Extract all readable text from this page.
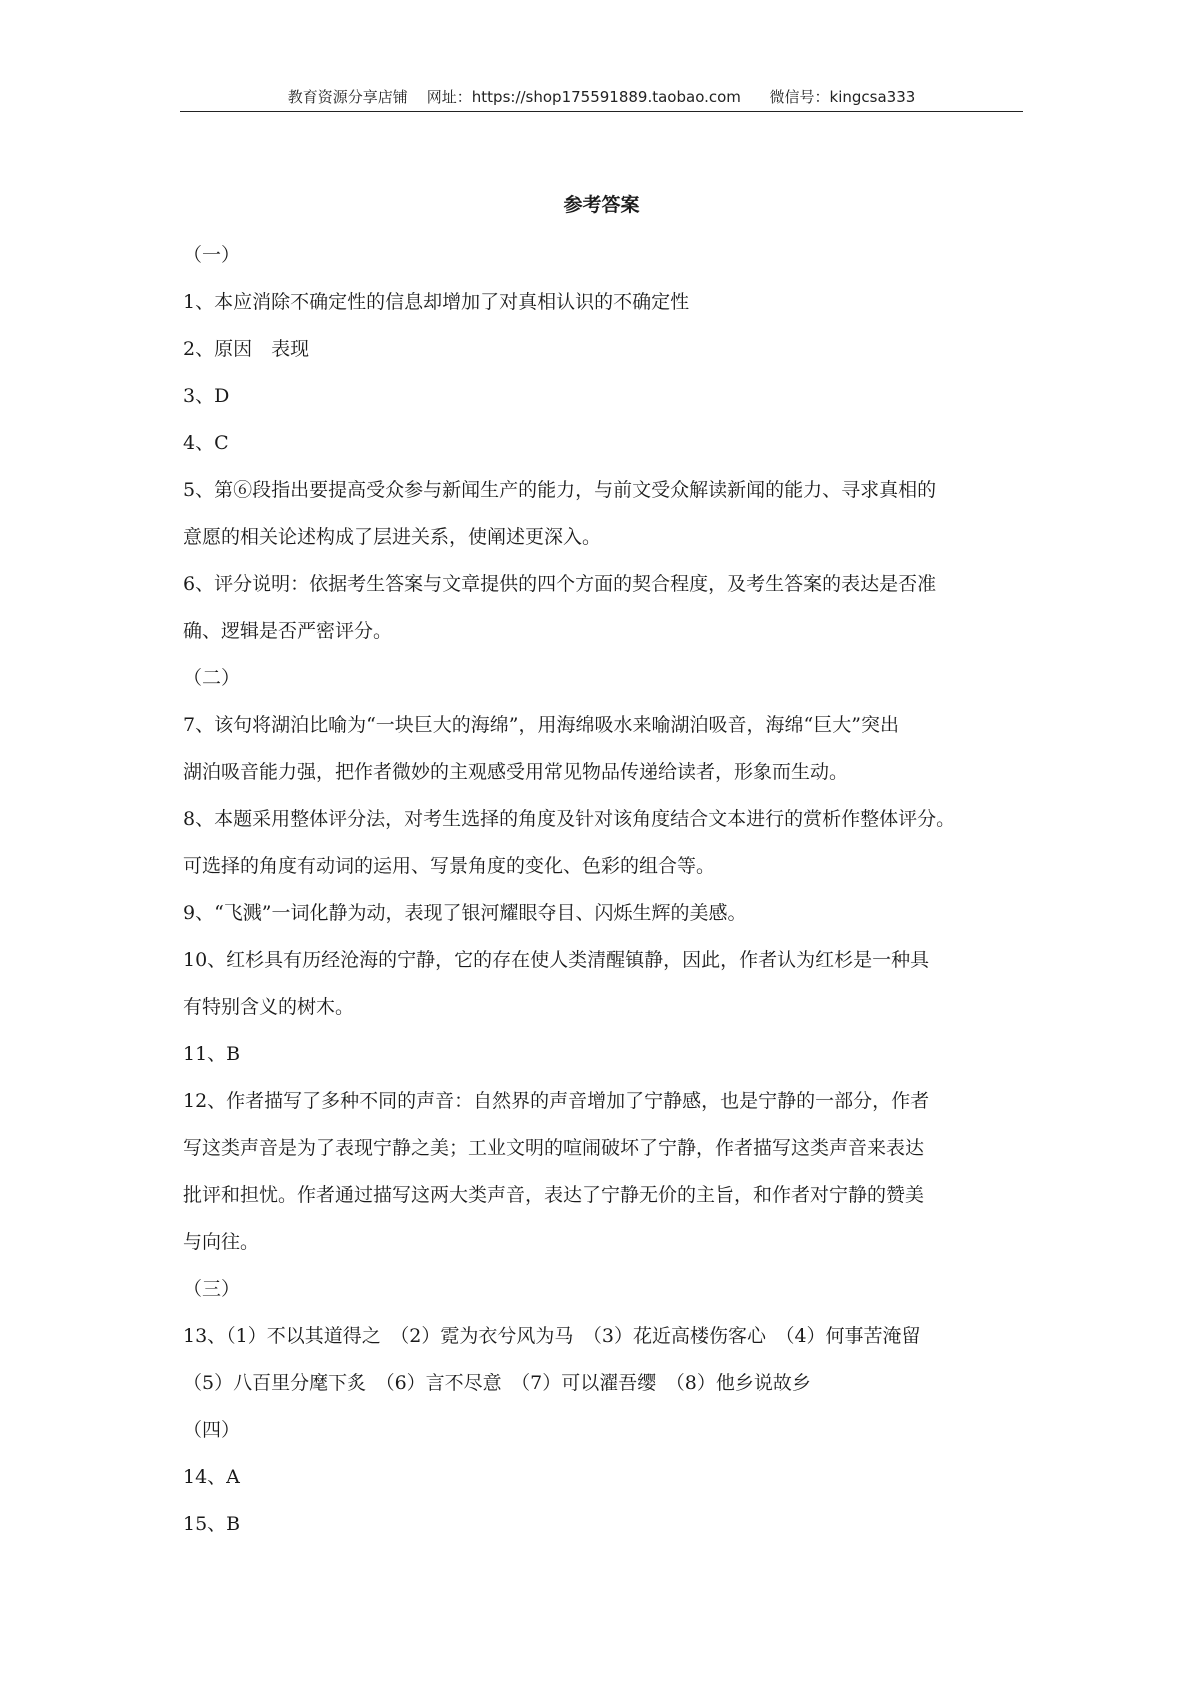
教育资源分享店铺 网址：https://shop175591889.taobao.com 微信号：kingcsa333
参考答案
（一）
1、本应消除不确定性的信息却增加了对真相认识的不确定性
2、原因　表现
3、D
4、C
5、第⑥段指出要提高受众参与新闻生产的能力，与前文受众解读新闻的能力、寻求真相的
意愿的相关论述构成了层进关系，使阐述更深入。
6、评分说明：依据考生答案与文章提供的四个方面的契合程度，及考生答案的表达是否准
确、逻辑是否严密评分。
（二）
7、该句将湖泊比喻为“一块巨大的海绵”，用海绵吸水来喻湖泊吸音，海绵“巨大”突出
湖泊吸音能力强，把作者微妙的主观感受用常见物品传递给读者，形象而生动。
8、本题采用整体评分法，对考生选择的角度及针对该角度结合文本进行的赏析作整体评分。
可选择的角度有动词的运用、写景角度的变化、色彩的组合等。
9、“飞溅”一词化静为动，表现了银河耀眼夺目、闪烁生辉的美感。
10、红杉具有历经沧海的宁静，它的存在使人类清醒镇静，因此，作者认为红杉是一种具
有特别含义的树木。
11、B
12、作者描写了多种不同的声音：自然界的声音增加了宁静感，也是宁静的一部分，作者
写这类声音是为了表现宁静之美；工业文明的喧闹破坏了宁静，作者描写这类声音来表达
批评和担忧。作者通过描写这两大类声音，表达了宁静无价的主旨，和作者对宁静的赞美
与向往。
（三）
13、（1）不以其道得之　（2）霓为衣兮风为马　（3）花近高楼伤客心　（4）何事苦淹留
（5）八百里分麾下炙　（6）言不尽意　（7）可以濯吾缨　（8）他乡说故乡
（四）
14、A
15、B
